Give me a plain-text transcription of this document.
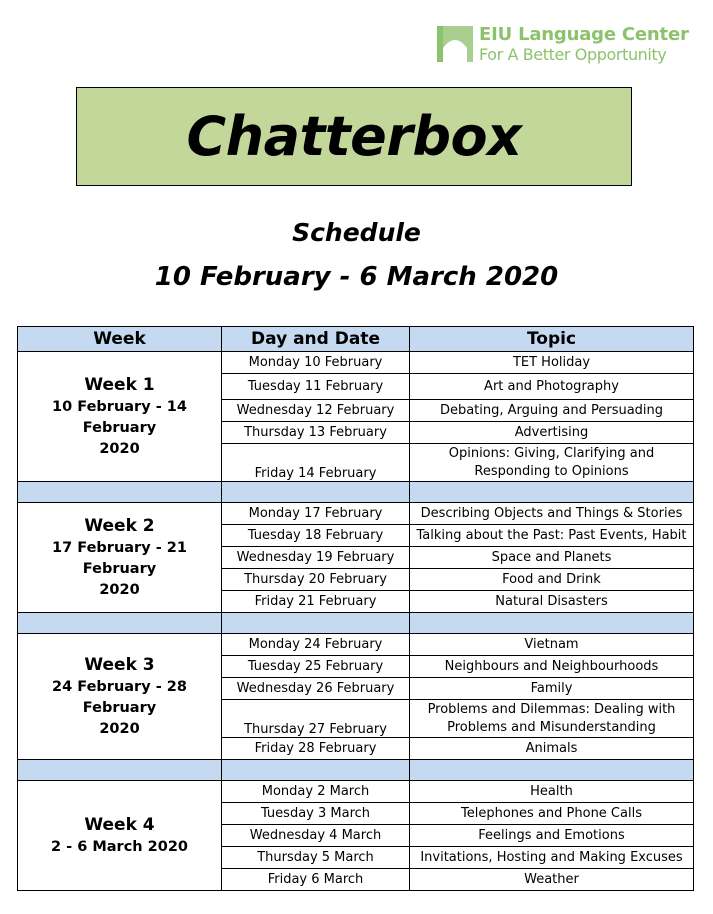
EIU Language Center
For A Better Opportunity
Chatterbox
Schedule
10 February - 6 March 2020
Week	Day and Date	Topic

Week 1
10 February - 14 February
2020	Monday 10 February	TET Holiday
	Tuesday 11 February	Art and Photography
	Wednesday 12 February	Debating, Arguing and Persuading
	Thursday 13 February	Advertising
	Friday 14 February	Opinions: Giving, Clarifying and Responding to Opinions

Week 2
17 February - 21 February
2020	Monday 17 February	Describing Objects and Things & Stories
	Tuesday 18 February	Talking about the Past: Past Events, Habit
	Wednesday 19 February	Space and Planets
	Thursday 20 February	Food and Drink
	Friday 21 February	Natural Disasters

Week 3
24 February - 28 February
2020	Monday 24 February	Vietnam
	Tuesday 25 February	Neighbours and Neighbourhoods
	Wednesday 26 February	Family
	Thursday 27 February	Problems and Dilemmas: Dealing with Problems and Misunderstanding
	Friday 28 February	Animals

Week 4
2 - 6 March 2020	Monday 2 March	Health
	Tuesday 3 March	Telephones and Phone Calls
	Wednesday 4 March	Feelings and Emotions
	Thursday 5 March	Invitations, Hosting and Making Excuses
	Friday 6 March	Weather
